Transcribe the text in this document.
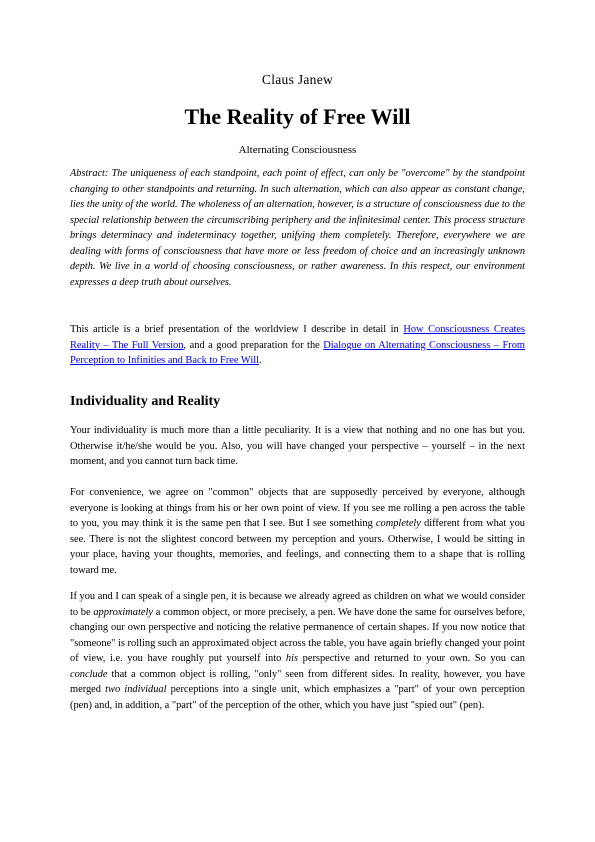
Claus Janew
The Reality of Free Will
Alternating Consciousness

Abstract: The uniqueness of each standpoint, each point of effect, can only be "overcome" by the standpoint changing to other standpoints and returning. In such alternation, which can also appear as constant change, lies the unity of the world. The wholeness of an alternation, however, is a structure of consciousness due to the special relationship between the circumscribing periphery and the infinitesimal center. This process structure brings determinacy and indeterminacy together, unifying them completely. Therefore, everywhere we are dealing with forms of consciousness that have more or less freedom of choice and an increasingly unknown depth. We live in a world of choosing consciousness, or rather awareness. In this respect, our environment expresses a deep truth about ourselves.

This article is a brief presentation of the worldview I describe in detail in How Consciousness Creates Reality – The Full Version, and a good preparation for the Dialogue on Alternating Consciousness – From Perception to Infinities and Back to Free Will.

Individuality and Reality

Your individuality is much more than a little peculiarity. It is a view that nothing and no one has but you. Otherwise it/he/she would be you. Also, you will have changed your perspective – yourself – in the next moment, and you cannot turn back time.

For convenience, we agree on "common" objects that are supposedly perceived by everyone, although everyone is looking at things from his or her own point of view. If you see me rolling a pen across the table to you, you may think it is the same pen that I see. But I see something completely different from what you see. There is not the slightest concord between my perception and yours. Otherwise, I would be sitting in your place, having your thoughts, memories, and feelings, and connecting them to a shape that is rolling toward me.

If you and I can speak of a single pen, it is because we already agreed as children on what we would consider to be approximately a common object, or more precisely, a pen. We have done the same for ourselves before, changing our own perspective and noticing the relative permanence of certain shapes. If you now notice that "someone" is rolling such an approximated object across the table, you have again briefly changed your point of view, i.e. you have roughly put yourself into his perspective and returned to your own. So you can conclude that a common object is rolling, "only" seen from different sides. In reality, however, you have merged two individual perceptions into a single unit, which emphasizes a "part" of your own perception (pen) and, in addition, a "part" of the perception of the other, which you have just "spied out" (pen).
